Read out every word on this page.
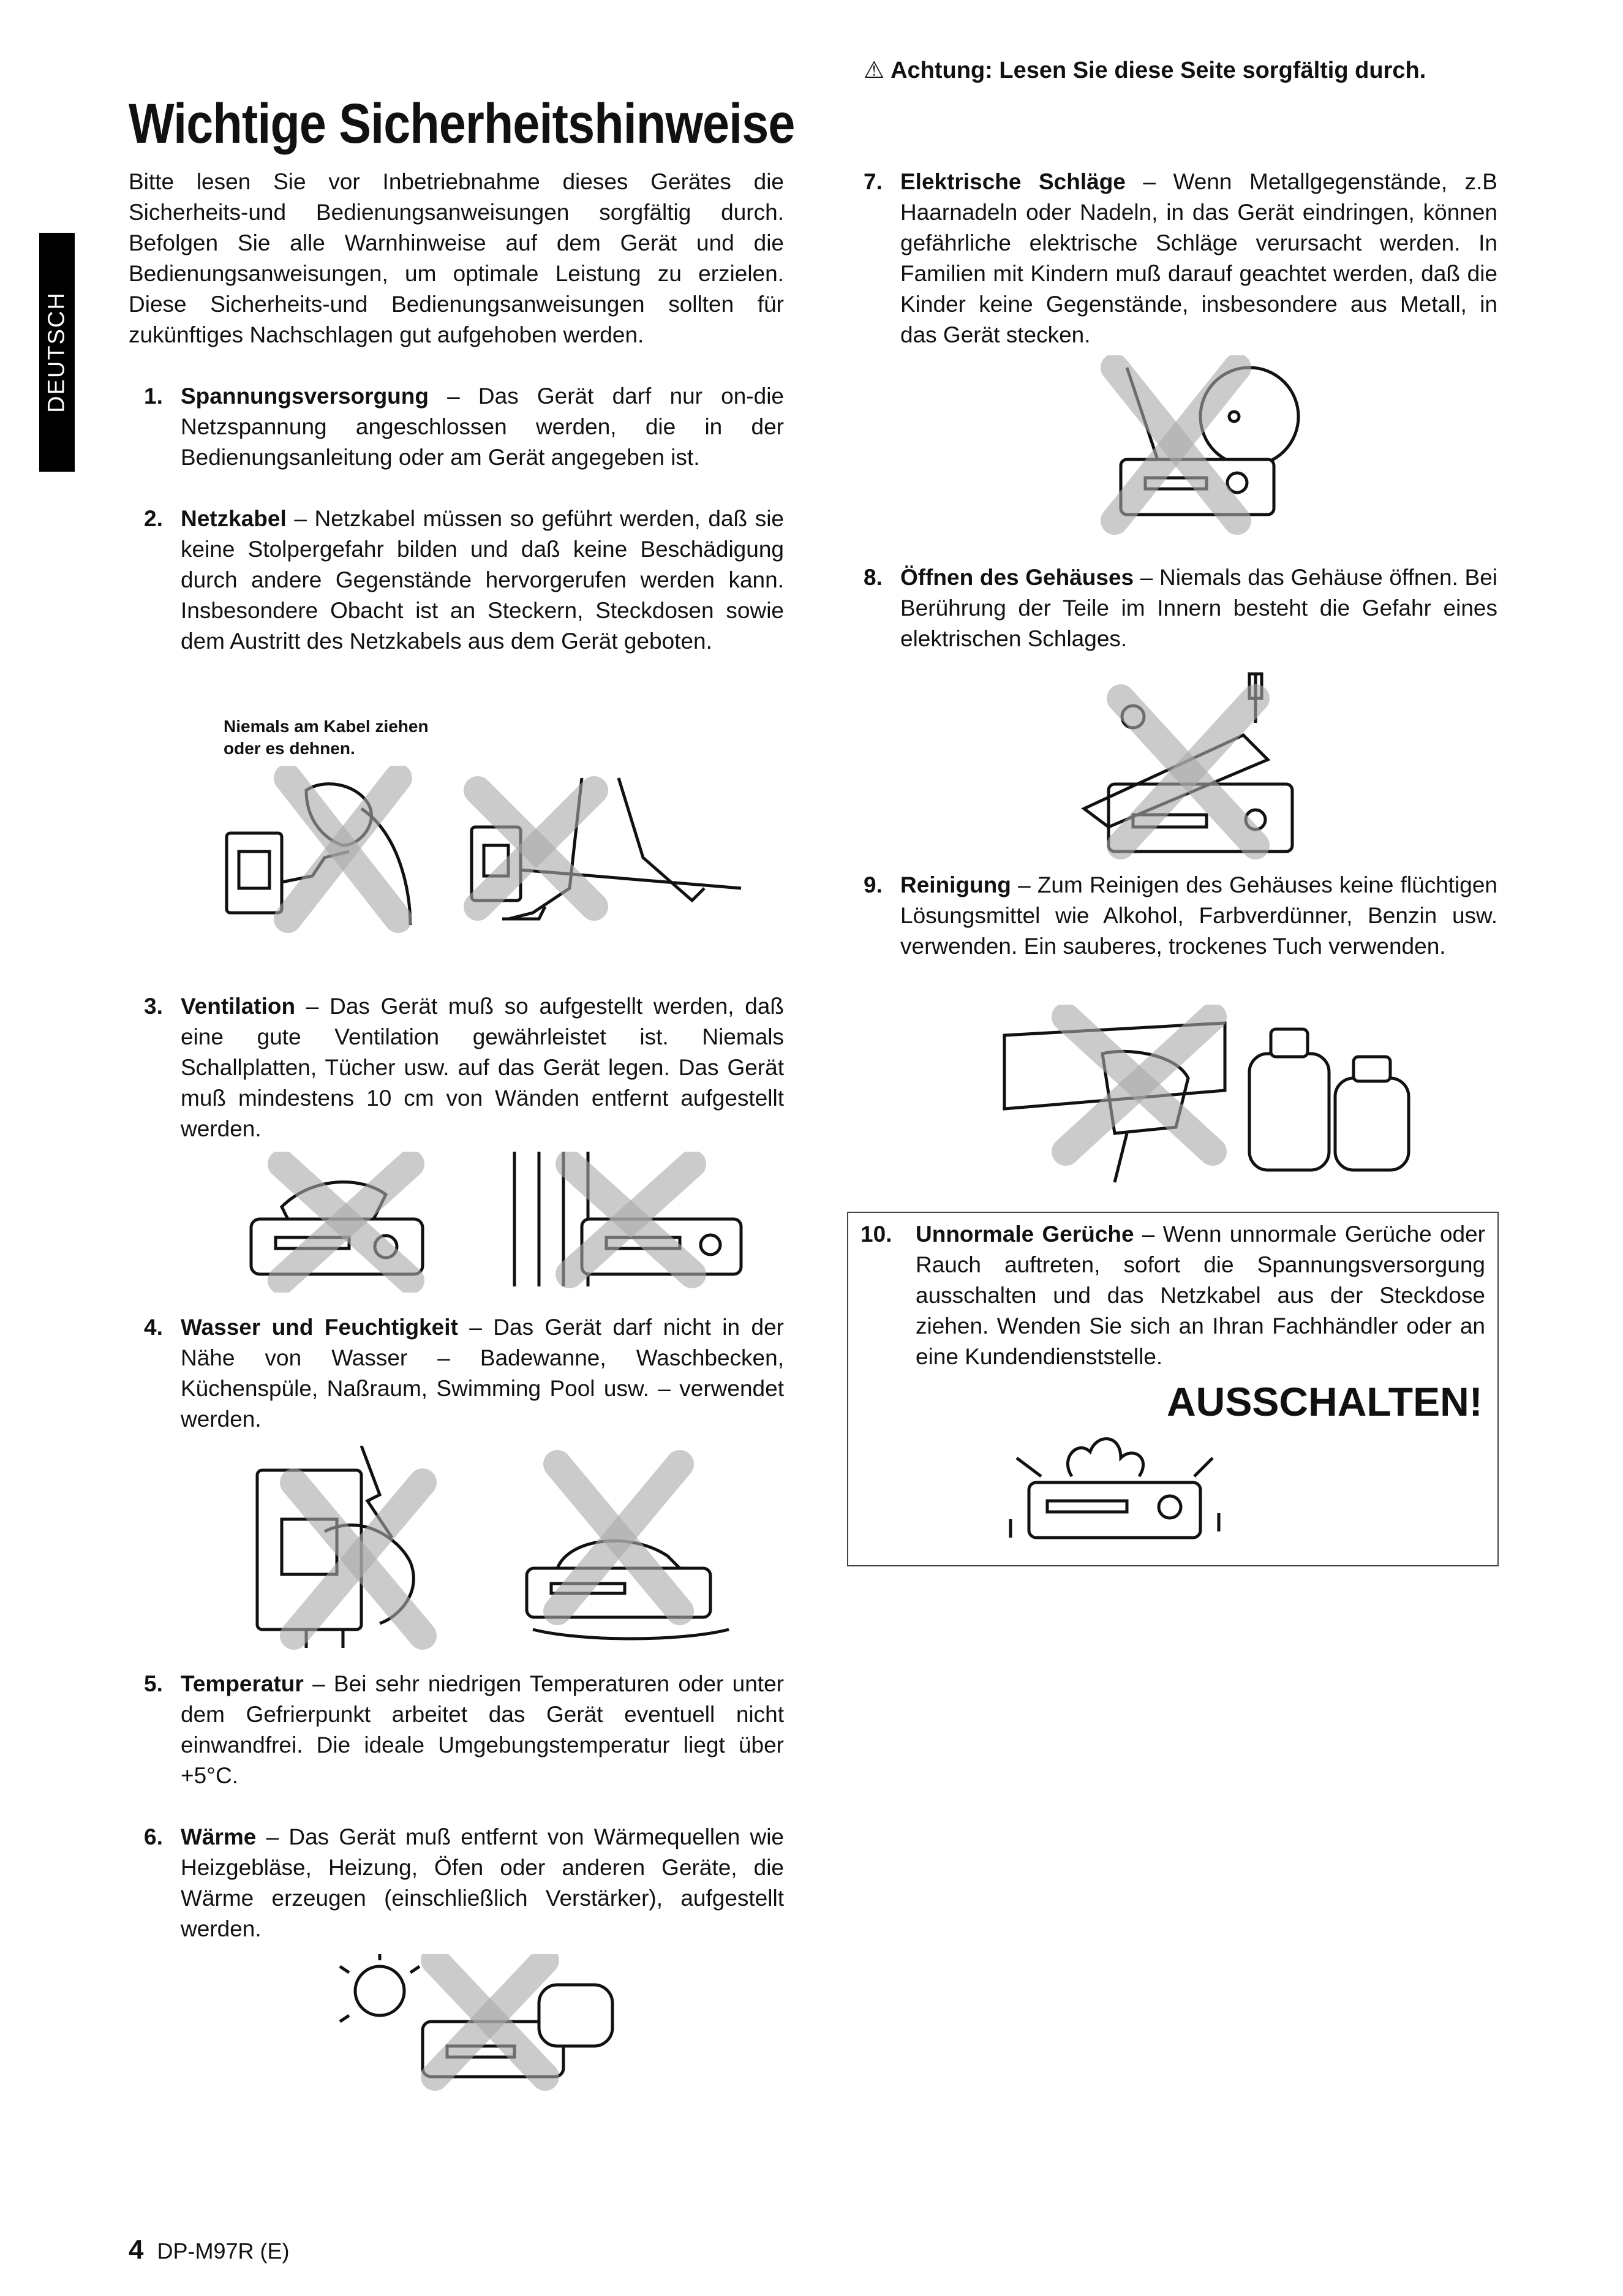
⚠ Achtung: Lesen Sie diese Seite sorgfältig durch.
Wichtige Sicherheitshinweise
DEUTSCH
Bitte lesen Sie vor Inbetriebnahme dieses Gerätes die Sicherheits-und Bedienungsanweisungen sorgfältig durch. Befolgen Sie alle Warnhinweise auf dem Gerät und die Bedienungsanweisungen, um optimale Leistung zu erzielen. Diese Sicherheits-und Bedienungsanweisungen sollten für zukünftiges Nachschlagen gut aufgehoben werden.
1. Spannungsversorgung – Das Gerät darf nur on-die Netzspannung angeschlossen werden, die in der Bedienungsanleitung oder am Gerät angegeben ist.
2. Netzkabel – Netzkabel müssen so geführt werden, daß sie keine Stolpergefahr bilden und daß keine Beschädigung durch andere Gegenstände hervorgerufen werden kann. Insbesondere Obacht ist an Steckern, Steckdosen sowie dem Austritt des Netzkabels aus dem Gerät geboten.
Niemals am Kabel ziehen
oder es dehnen.
3. Ventilation – Das Gerät muß so aufgestellt werden, daß eine gute Ventilation gewährleistet ist. Niemals Schallplatten, Tücher usw. auf das Gerät legen. Das Gerät muß mindestens 10 cm von Wänden entfernt aufgestellt werden.
4. Wasser und Feuchtigkeit – Das Gerät darf nicht in der Nähe von Wasser – Badewanne, Waschbecken, Küchenspüle, Naßraum, Swimming Pool usw. – verwendet werden.
5. Temperatur – Bei sehr niedrigen Temperaturen oder unter dem Gefrierpunkt arbeitet das Gerät eventuell nicht einwandfrei. Die ideale Umgebungstemperatur liegt über +5°C.
6. Wärme – Das Gerät muß entfernt von Wärmequellen wie Heizgebläse, Heizung, Öfen oder anderen Geräte, die Wärme erzeugen (einschließlich Verstärker), aufgestellt werden.
7. Elektrische Schläge – Wenn Metallgegenstände, z.B Haarnadeln oder Nadeln, in das Gerät eindringen, können gefährliche elektrische Schläge verursacht werden. In Familien mit Kindern muß darauf geachtet werden, daß die Kinder keine Gegenstände, insbesondere aus Metall, in das Gerät stecken.
8. Öffnen des Gehäuses – Niemals das Gehäuse öffnen. Bei Berührung der Teile im Innern besteht die Gefahr eines elektrischen Schlages.
9. Reinigung – Zum Reinigen des Gehäuses keine flüchtigen Lösungsmittel wie Alkohol, Farbverdünner, Benzin usw. verwenden. Ein sauberes, trockenes Tuch verwenden.
10. Unnormale Gerüche – Wenn unnormale Gerüche oder Rauch auftreten, sofort die Spannungsversorgung ausschalten und das Netzkabel aus der Steckdose ziehen. Wenden Sie sich an Ihran Fachhändler oder an eine Kundendienststelle.
AUSSCHALTEN!
4 DP-M97R (E)
